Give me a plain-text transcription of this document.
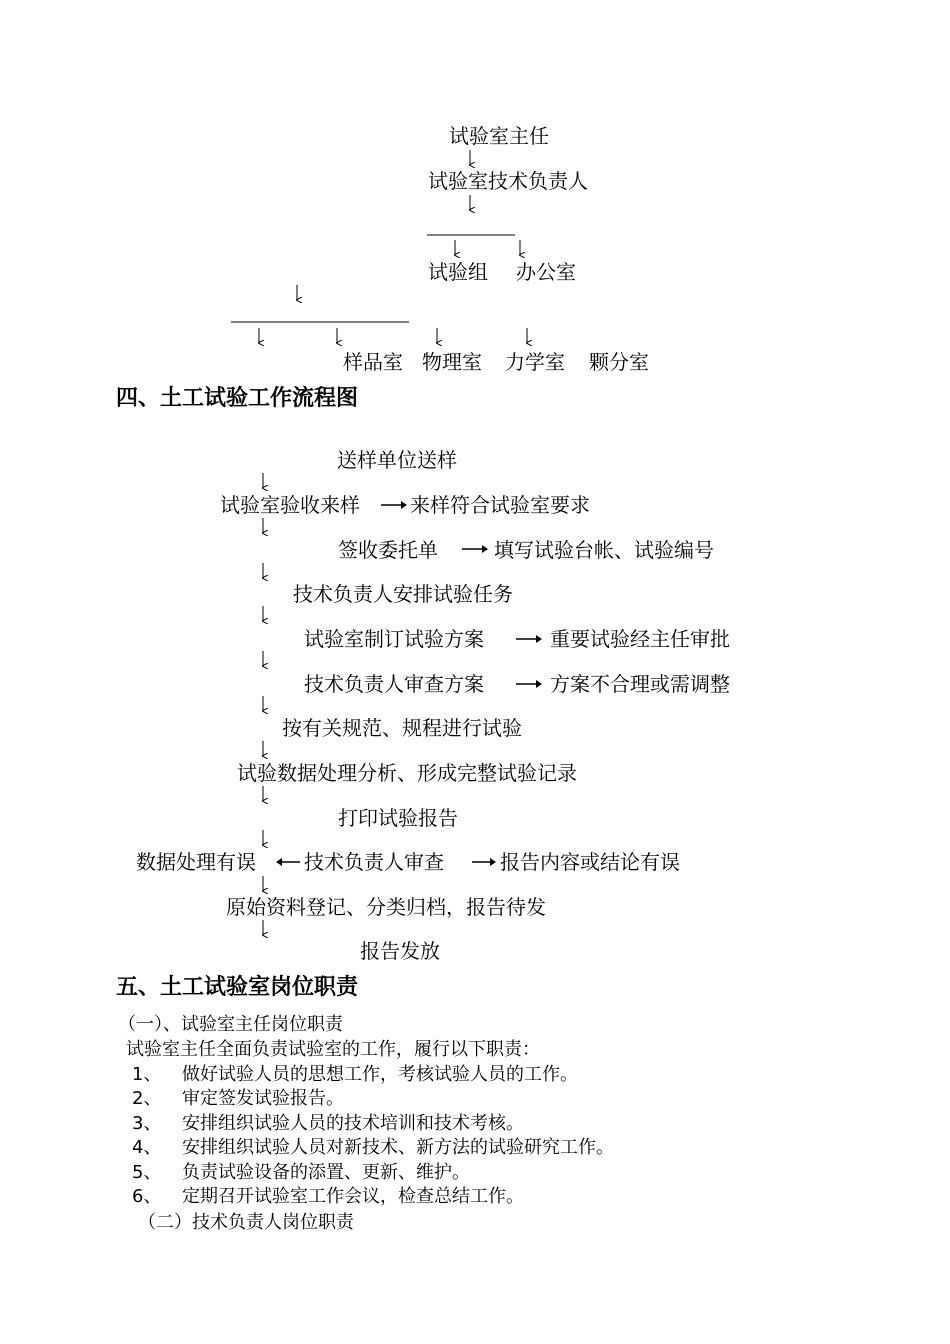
试验室主任
试验室技术负责人
试验组 办公室
样品室 物理室 力学室 颗分室
四、土工试验工作流程图
送样单位送样
试验室验收来样	来样符合试验室要求
签收委托单	填写试验台帐、试验编号
技术负责人安排试验任务
试验室制订试验方案	重要试验经主任审批
技术负责人审查方案	方案不合理或需调整
按有关规范、规程进行试验
试验数据处理分析、形成完整试验记录
打印试验报告
数据处理有误 技术负责人审查	报告内容或结论有误
原始资料登记、分类归档，报告待发
报告发放
五、土工试验室岗位职责
（一）、试验室主任岗位职责
试验室主任全面负责试验室的工作，履行以下职责：
1、 做好试验人员的思想工作，考核试验人员的工作。
2、 审定签发试验报告。
3、 安排组织试验人员的技术培训和技术考核。
4、 安排组织试验人员对新技术、新方法的试验研究工作。
5、 负责试验设备的添置、更新、维护。
6、 定期召开试验室工作会议，检查总结工作。
（二）技术负责人岗位职责
